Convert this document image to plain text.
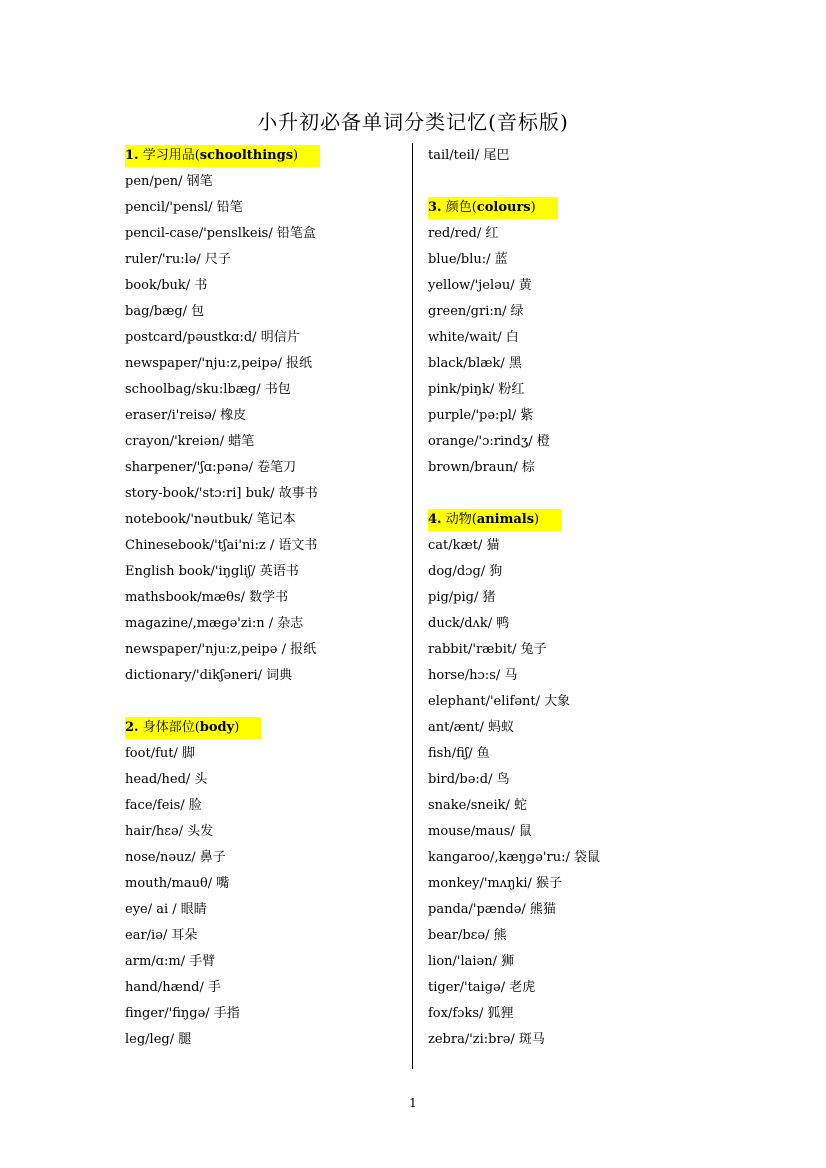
小升初必备单词分类记忆(音标版)
1. 学习用品(schoolthings)
pen/pen/ 钢笔
pencil/'pensl/ 铅笔
pencil-case/'penslkeis/ 铅笔盒
ruler/'ru:lə/ 尺子
book/buk/ 书
bag/bæg/ 包
postcard/pəustkɑ:d/ 明信片
newspaper/'nju:z,peipə/ 报纸
schoolbag/sku:lbæg/ 书包
eraser/i'reisə/ 橡皮
crayon/'kreiən/ 蜡笔
sharpener/'ʃɑ:pənə/ 卷笔刀
story-book/'stɔ:ri] buk/ 故事书
notebook/'nəutbuk/ 笔记本
Chinesebook/'tʃai'ni:z / 语文书
English book/'iŋgliʃ/ 英语书
mathsbook/mæθs/ 数学书
magazine/,mægə'zi:n / 杂志
newspaper/'nju:z,peipə / 报纸
dictionary/'dikʃəneri/ 词典
2. 身体部位(body)
foot/fut/ 脚
head/hed/ 头
face/feis/ 脸
hair/hɛə/ 头发
nose/nəuz/ 鼻子
mouth/mauθ/ 嘴
eye/ ai / 眼睛
ear/iə/ 耳朵
arm/ɑ:m/ 手臂
hand/hænd/ 手
finger/'fiŋgə/ 手指
leg/leg/ 腿
tail/teil/ 尾巴
3. 颜色(colours)
red/red/ 红
blue/blu:/ 蓝
yellow/'jeləu/ 黄
green/gri:n/ 绿
white/wait/ 白
black/blæk/ 黑
pink/piŋk/ 粉红
purple/'pə:pl/ 紫
orange/'ɔ:rindʒ/ 橙
brown/braun/ 棕
4. 动物(animals)
cat/kæt/ 猫
dog/dɔg/ 狗
pig/pig/ 猪
duck/dʌk/ 鸭
rabbit/'ræbit/ 兔子
horse/hɔ:s/ 马
elephant/'elifənt/ 大象
ant/ænt/ 蚂蚁
fish/fiʃ/ 鱼
bird/bə:d/ 鸟
snake/sneik/ 蛇
mouse/maus/ 鼠
kangaroo/,kæŋgə'ru:/ 袋鼠
monkey/'mʌŋki/ 猴子
panda/'pændə/ 熊猫
bear/bɛə/ 熊
lion/'laiən/ 狮
tiger/'taigə/ 老虎
fox/fɔks/ 狐狸
zebra/'zi:brə/ 斑马
1
